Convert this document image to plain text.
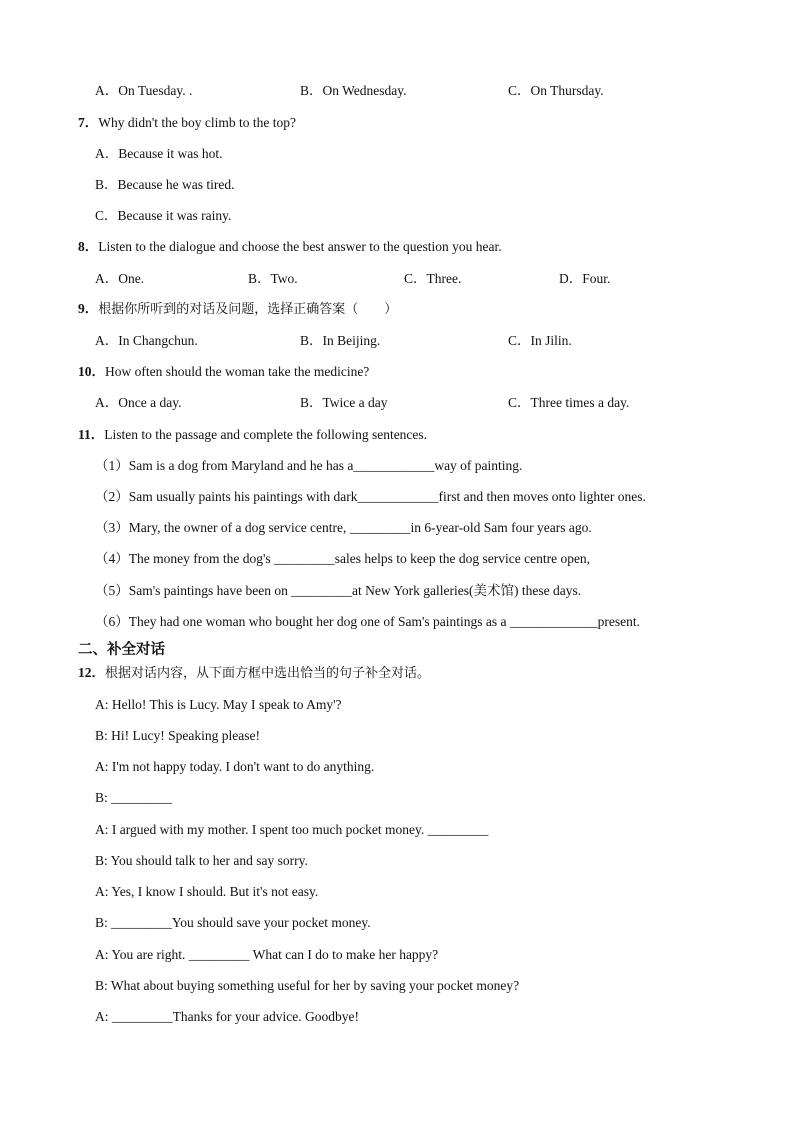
A．On Tuesday. .	B．On Wednesday.	C．On Thursday.
7．Why didn't the boy climb to the top?
A．Because it was hot.
B．Because he was tired.
C．Because it was rainy.
8．Listen to the dialogue and choose the best answer to the question you hear.
A．One.	B．Two.	C．Three.	D．Four.
9．根据你所听到的对话及问题，选择正确答案（　　）
A．In Changchun.	B．In Beijing.	C．In Jilin.
10．How often should the woman take the medicine?
A．Once a day.	B．Twice a day	C．Three times a day.
11．Listen to the passage and complete the following sentences.
（1）Sam is a dog from Maryland and he has a____________way of painting.
（2）Sam usually paints his paintings with dark____________first and then moves onto lighter ones.
（3）Mary, the owner of a dog service centre, _________in 6-year-old Sam four years ago.
（4）The money from the dog's _________sales helps to keep the dog service centre open,
（5）Sam's paintings have been on _________at New York galleries(美术馆) these days.
（6）They had one woman who bought her dog one of Sam's paintings as a _____________present.
二、补全对话
12．根据对话内容，从下面方框中选出恰当的句子补全对话。
A: Hello! This is Lucy. May I speak to Amy'?
B: Hi! Lucy! Speaking please!
A: I'm not happy today. I don't want to do anything.
B: _________
A: I argued with my mother. I spent too much pocket money. _________
B: You should talk to her and say sorry.
A: Yes, I know I should. But it's not easy.
B: _________You should save your pocket money.
A: You are right. _________ What can I do to make her happy?
B: What about buying something useful for her by saving your pocket money?
A: _________Thanks for your advice. Goodbye!
